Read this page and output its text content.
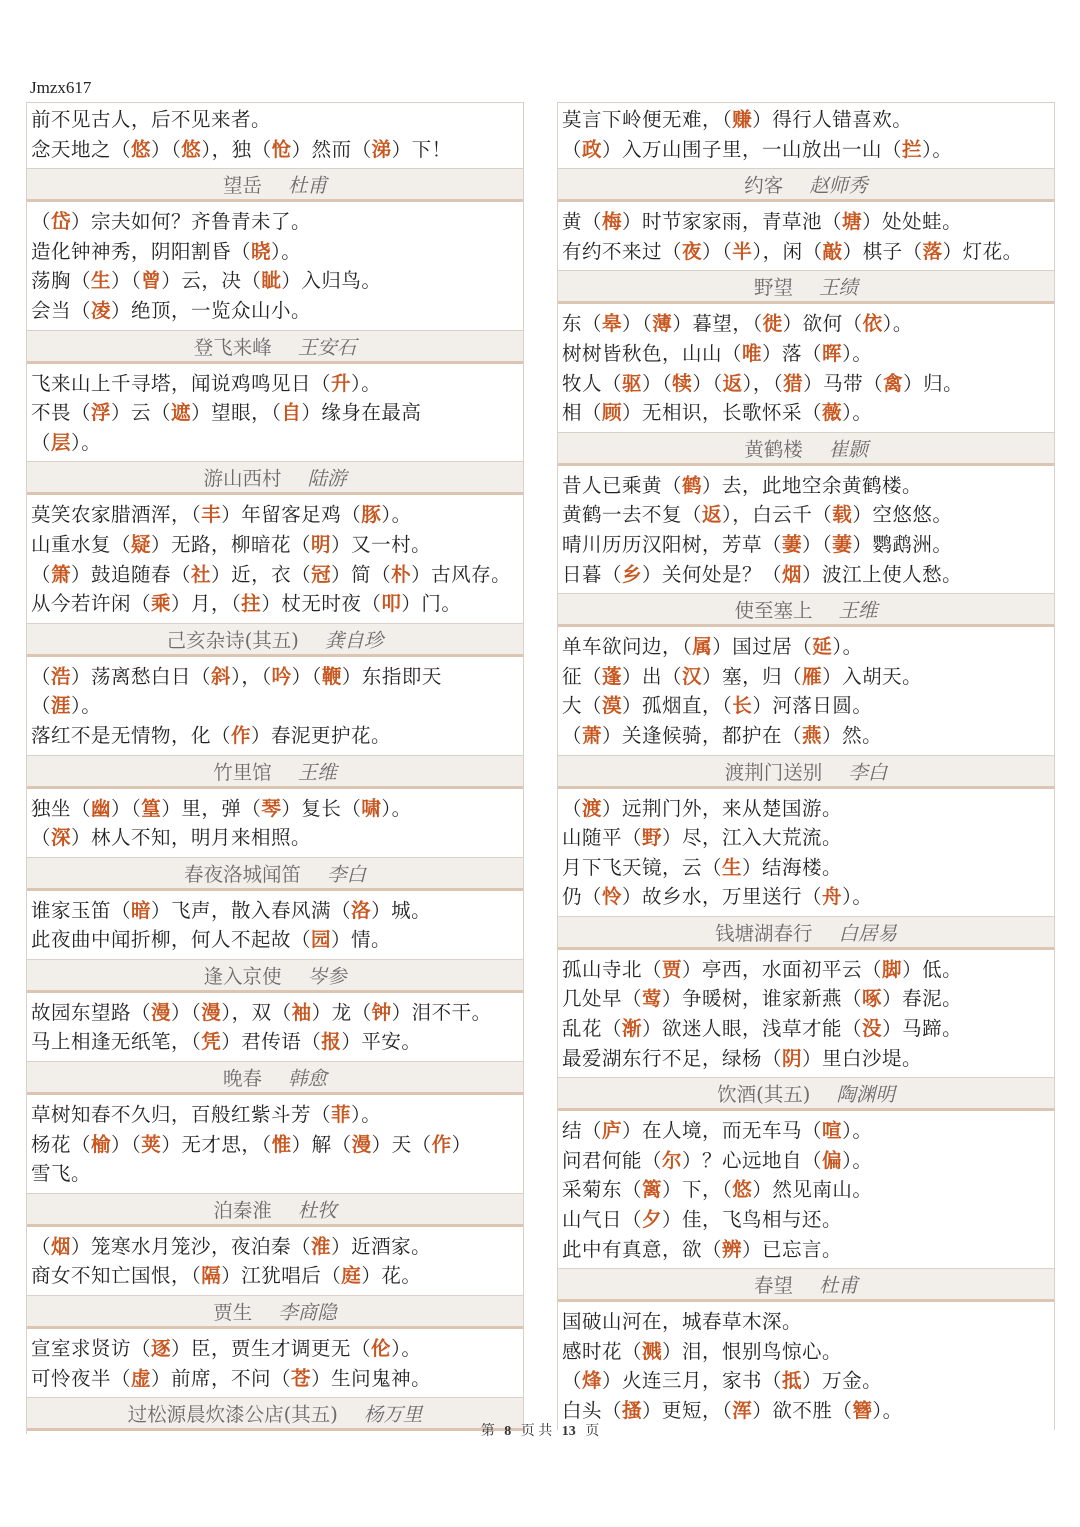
Jmzx617
前不见古人，后不见来者。
念天地之（悠）（悠），独（怆）然而（涕）下！
望岳 杜甫
（岱）宗夫如何？齐鲁青未了。
造化钟神秀，阴阳割昏（晓）。
荡胸（生）（曾）云，决（眦）入归鸟。
会当（凌）绝顶，一览众山小。
登飞来峰 王安石
飞来山上千寻塔，闻说鸡鸣见日（升）。
不畏（浮）云（遮）望眼，（自）缘身在最高
（层）。
游山西村 陆游
莫笑农家腊酒浑，（丰）年留客足鸡（豚）。
山重水复（疑）无路，柳暗花（明）又一村。
（箫）鼓追随春（社）近，衣（冠）简（朴）古风存。
从今若许闲（乘）月，（拄）杖无时夜（叩）门。
己亥杂诗(其五) 龚自珍
（浩）荡离愁白日（斜），（吟）（鞭）东指即天
（涯）。
落红不是无情物，化（作）春泥更护花。
竹里馆 王维
独坐（幽）（篁）里，弹（琴）复长（啸）。
（深）林人不知，明月来相照。
春夜洛城闻笛 李白
谁家玉笛（暗）飞声，散入春风满（洛）城。
此夜曲中闻折柳，何人不起故（园）情。
逢入京使 岑参
故园东望路（漫）（漫），双（袖）龙（钟）泪不干。
马上相逢无纸笔，（凭）君传语（报）平安。
晚春 韩愈
草树知春不久归，百般红紫斗芳（菲）。
杨花（榆）（荚）无才思，（惟）解（漫）天（作）
雪飞。
泊秦淮 杜牧
（烟）笼寒水月笼沙，夜泊秦（淮）近酒家。
商女不知亡国恨，（隔）江犹唱后（庭）花。
贾生 李商隐
宣室求贤访（逐）臣，贾生才调更无（伦）。
可怜夜半（虚）前席，不问（苍）生问鬼神。
过松源晨炊漆公店(其五) 杨万里
莫言下岭便无难，（赚）得行人错喜欢。
（政）入万山围子里，一山放出一山（拦）。
约客 赵师秀
黄（梅）时节家家雨，青草池（塘）处处蛙。
有约不来过（夜）（半），闲（敲）棋子（落）灯花。
野望 王绩
东（皋）（薄）暮望，（徙）欲何（依）。
树树皆秋色，山山（唯）落（晖）。
牧人（驱）（犊）（返），（猎）马带（禽）归。
相（顾）无相识，长歌怀采（薇）。
黄鹤楼 崔颢
昔人已乘黄（鹤）去，此地空余黄鹤楼。
黄鹤一去不复（返），白云千（载）空悠悠。
晴川历历汉阳树，芳草（萋）（萋）鹦鹉洲。
日暮（乡）关何处是？（烟）波江上使人愁。
使至塞上 王维
单车欲问边，（属）国过居（延）。
征（蓬）出（汉）塞，归（雁）入胡天。
大（漠）孤烟直，（长）河落日圆。
（萧）关逢候骑，都护在（燕）然。
渡荆门送别 李白
（渡）远荆门外，来从楚国游。
山随平（野）尽，江入大荒流。
月下飞天镜，云（生）结海楼。
仍（怜）故乡水，万里送行（舟）。
钱塘湖春行 白居易
孤山寺北（贾）亭西，水面初平云（脚）低。
几处早（莺）争暖树，谁家新燕（啄）春泥。
乱花（渐）欲迷人眼，浅草才能（没）马蹄。
最爱湖东行不足，绿杨（阴）里白沙堤。
饮酒(其五) 陶渊明
结（庐）在人境，而无车马（喧）。
问君何能（尔）？心远地自（偏）。
采菊东（篱）下，（悠）然见南山。
山气日（夕）佳，飞鸟相与还。
此中有真意，欲（辨）已忘言。
春望 杜甫
国破山河在，城春草木深。
感时花（溅）泪，恨别鸟惊心。
（烽）火连三月，家书（抵）万金。
白头（搔）更短，（浑）欲不胜（簪）。
第 8 页 共 13 页
